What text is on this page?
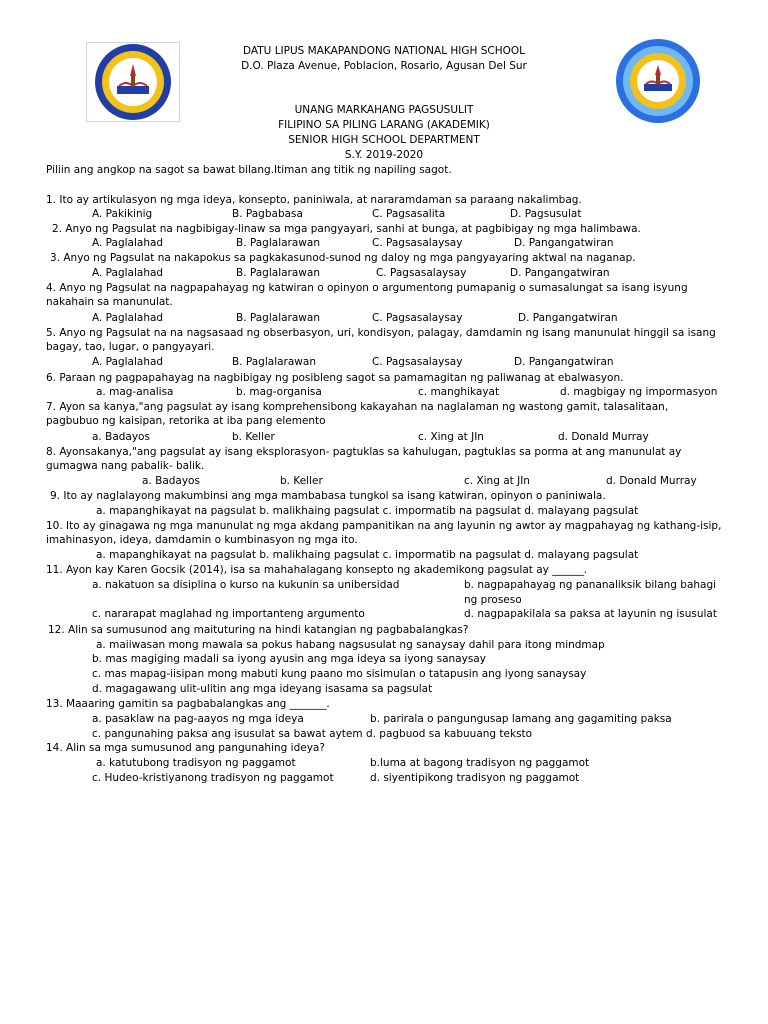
DATU LIPUS MAKAPANDONG NATIONAL HIGH SCHOOL
D.O. Plaza Avenue, Poblacion, Rosario, Agusan Del Sur
UNANG MARKAHANG PAGSUSULIT
FILIPINO SA PILING LARANG (AKADEMIK)
SENIOR HIGH SCHOOL DEPARTMENT
S.Y. 2019-2020
Piliin ang angkop na sagot sa bawat bilang.Itiman ang titik ng napiling sagot.
1. Ito ay artikulasyon ng mga ideya, konsepto, paniniwala, at nararamdaman sa paraang nakalimbag.
A. Pakikinig	B. Pagbabasa	C. Pagsasalita	D. Pagsusulat
2. Anyo ng Pagsulat na nagbibigay-linaw sa mga pangyayari, sanhi at bunga, at pagbibigay ng mga halimbawa.
A. Paglalahad	B. Paglalarawan	C. Pagsasalaysay	D. Pangangatwiran
3. Anyo ng Pagsulat na nakapokus sa pagkakasunod-sunod ng daloy ng mga pangyayaring aktwal na naganap.
A. Paglalahad	B. Paglalarawan	C. Pagsasalaysay	D. Pangangatwiran
4. Anyo ng Pagsulat na nagpapahayag ng katwiran o opinyon o argumentong pumapanig o sumasalungat sa isang isyung nakahain sa manunulat.
A. Paglalahad	B. Paglalarawan	C. Pagsasalaysay	D. Pangangatwiran
5. Anyo ng Pagsulat na na nagsasaad ng obserbasyon, uri, kondisyon, palagay, damdamin ng isang manunulat hinggil sa isang bagay, tao, lugar, o pangyayari.
A. Paglalahad	B. Paglalarawan	C. Pagsasalaysay	D. Pangangatwiran
6. Paraan ng pagpapahayag na nagbibigay ng posibleng sagot sa pamamagitan ng paliwanag at ebalwasyon.
a. mag-analisa	b. mag-organisa	c. manghikayat	d. magbigay ng impormasyon
7. Ayon sa kanya,"ang pagsulat ay isang komprehensibong kakayahan na naglalaman ng wastong gamit, talasalitaan, pagbubuo ng kaisipan, retorika at iba pang elemento
a. Badayos	b. Keller	c. Xing at JIn	d. Donald Murray
8. Ayonsakanya,"ang pagsulat ay isang eksplorasyon- pagtuklas sa kahulugan, pagtuklas sa porma at ang manunulat ay gumagwa nang pabalik- balik.
a. Badayos	b. Keller	c. Xing at JIn	d. Donald Murray
9. Ito ay naglalayong makumbinsi ang mga mambabasa tungkol sa isang katwiran, opinyon o paniniwala.
a. mapanghikayat na pagsulat b. malikhaing pagsulat c. impormatib na pagsulat d. malayang pagsulat
10. Ito ay ginagawa ng mga manunulat ng mga akdang pampanitikan na ang layunin ng awtor ay magpahayag ng kathang-isip, imahinasyon, ideya, damdamin o kumbinasyon ng mga ito.
a. mapanghikayat na pagsulat b. malikhaing pagsulat c. impormatib na pagsulat d. malayang pagsulat
11. Ayon kay Karen Gocsik (2014), isa sa mahahalagang konsepto ng akademikong pagsulat ay ______.
a. nakatuon sa disiplina o kurso na kukunin sa unibersidad	b. nagpapahayag ng pananaliksik bilang bahagi
ng proseso
c. nararapat maglahad ng importanteng argumento	d. nagpapakilala sa paksa at layunin ng isusulat
12. Alin sa sumusunod ang maituturing na hindi katangian ng pagbabalangkas?
a. maiiwasan mong mawala sa pokus habang nagsusulat ng sanaysay dahil para itong mindmap
b. mas magiging madali sa iyong ayusin ang mga ideya sa iyong sanaysay
c. mas mapag-iisipan mong mabuti kung paano mo sisimulan o tatapusin ang iyong sanaysay
d. magagawang ulit-ulitin ang mga ideyang isasama sa pagsulat
13. Maaaring gamitin sa pagbabalangkas ang _______.
a. pasaklaw na pag-aayos ng mga ideya	b. parirala o pangungusap lamang ang gagamiting paksa
c. pangunahing paksa ang isusulat sa bawat aytem d. pagbuod sa kabuuang teksto
14. Alin sa mga sumusunod ang pangunahing ideya?
a. katutubong tradisyon ng paggamot	b.luma at bagong tradisyon ng paggamot
c. Hudeo-kristiyanong tradisyon ng paggamot	d. siyentipikong tradisyon ng paggamot
